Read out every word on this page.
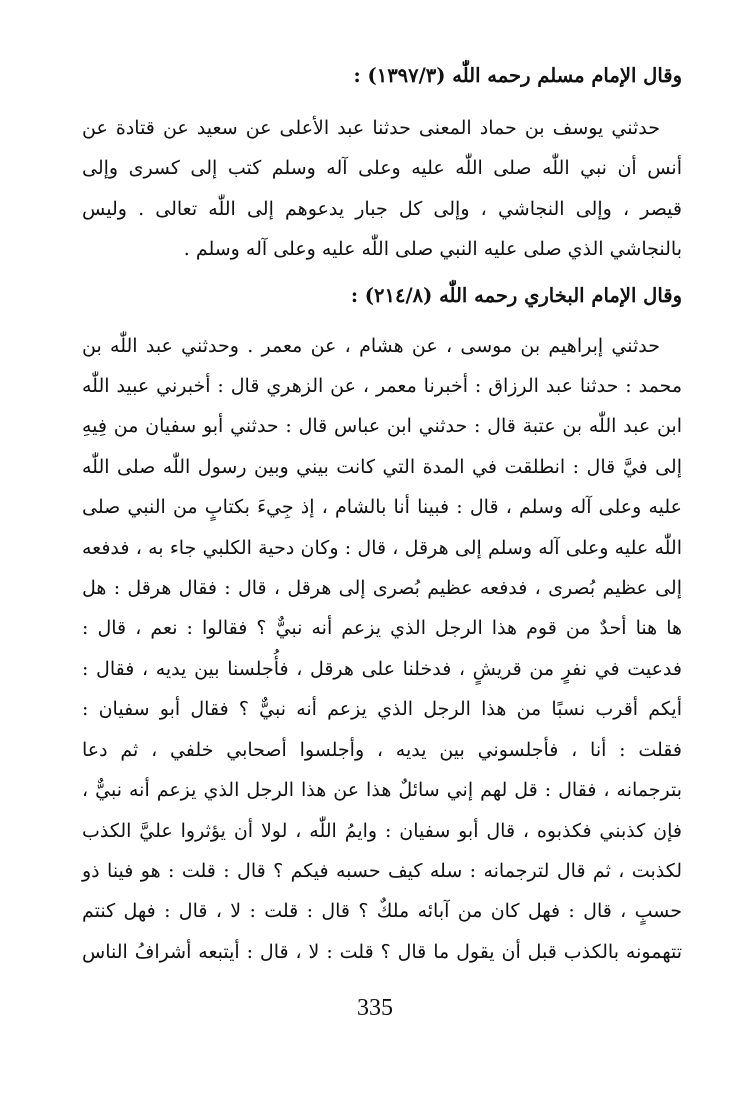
وقال الإمام مسلم رحمه اللّٰه (١٣٩٧/٣) :

حدثني يوسف بن حماد المعنى حدثنا عبد الأعلى عن سعيد عن قتادة عن
أنس أن نبي اللّٰه صلى اللّٰه عليه وعلى آله وسلم كتب إلى كسرى وإلى
قيصر ، وإلى النجاشي ، وإلى كل جبار يدعوهم إلى اللّٰه تعالى . وليس
بالنجاشي الذي صلى عليه النبي صلى اللّٰه عليه وعلى آله وسلم .

وقال الإمام البخاري رحمه اللّٰه (٢١٤/٨) :

حدثني إبراهيم بن موسى ، عن هشام ، عن معمر . وحدثني عبد اللّٰه بن
محمد : حدثنا عبد الرزاق : أخبرنا معمر ، عن الزهري قال : أخبرني عبيد اللّٰه
ابن عبد اللّٰه بن عتبة قال : حدثني ابن عباس قال : حدثني أبو سفيان من فِيهِ
إلى فيَّ قال : انطلقت في المدة التي كانت بيني وبين رسول اللّٰه صلى اللّٰه
عليه وعلى آله وسلم ، قال : فبينا أنا بالشام ، إذ جِيءَ بكتابٍ من النبي صلى
اللّٰه عليه وعلى آله وسلم إلى هرقل ، قال : وكان دحية الكلبي جاء به ، فدفعه
إلى عظيم بُصرى ، فدفعه عظيم بُصرى إلى هرقل ، قال : فقال هرقل : هل
ها هنا أحدٌ من قوم هذا الرجل الذي يزعم أنه نبيٌّ ؟ فقالوا : نعم ، قال :
فدعيت في نفرٍ من قريشٍ ، فدخلنا على هرقل ، فأُجلسنا بين يديه ، فقال :
أيكم أقرب نسبًا من هذا الرجل الذي يزعم أنه نبيٌّ ؟ فقال أبو سفيان :
فقلت : أنا ، فأجلسوني بين يديه ، وأجلسوا أصحابي خلفي ، ثم دعا
بترجمانه ، فقال : قل لهم إني سائلٌ هذا عن هذا الرجل الذي يزعم أنه نبيٌّ ،
فإن كذبني فكذبوه ، قال أبو سفيان : وايمُ اللّٰه ، لولا أن يؤثروا عليَّ الكذب
لكذبت ، ثم قال لترجمانه : سله كيف حسبه فيكم ؟ قال : قلت : هو فينا ذو
حسبٍ ، قال : فهل كان من آبائه ملكٌ ؟ قال : قلت : لا ، قال : فهل كنتم
تتهمونه بالكذب قبل أن يقول ما قال ؟ قلت : لا ، قال : أيتبعه أشرافُ الناس
335
